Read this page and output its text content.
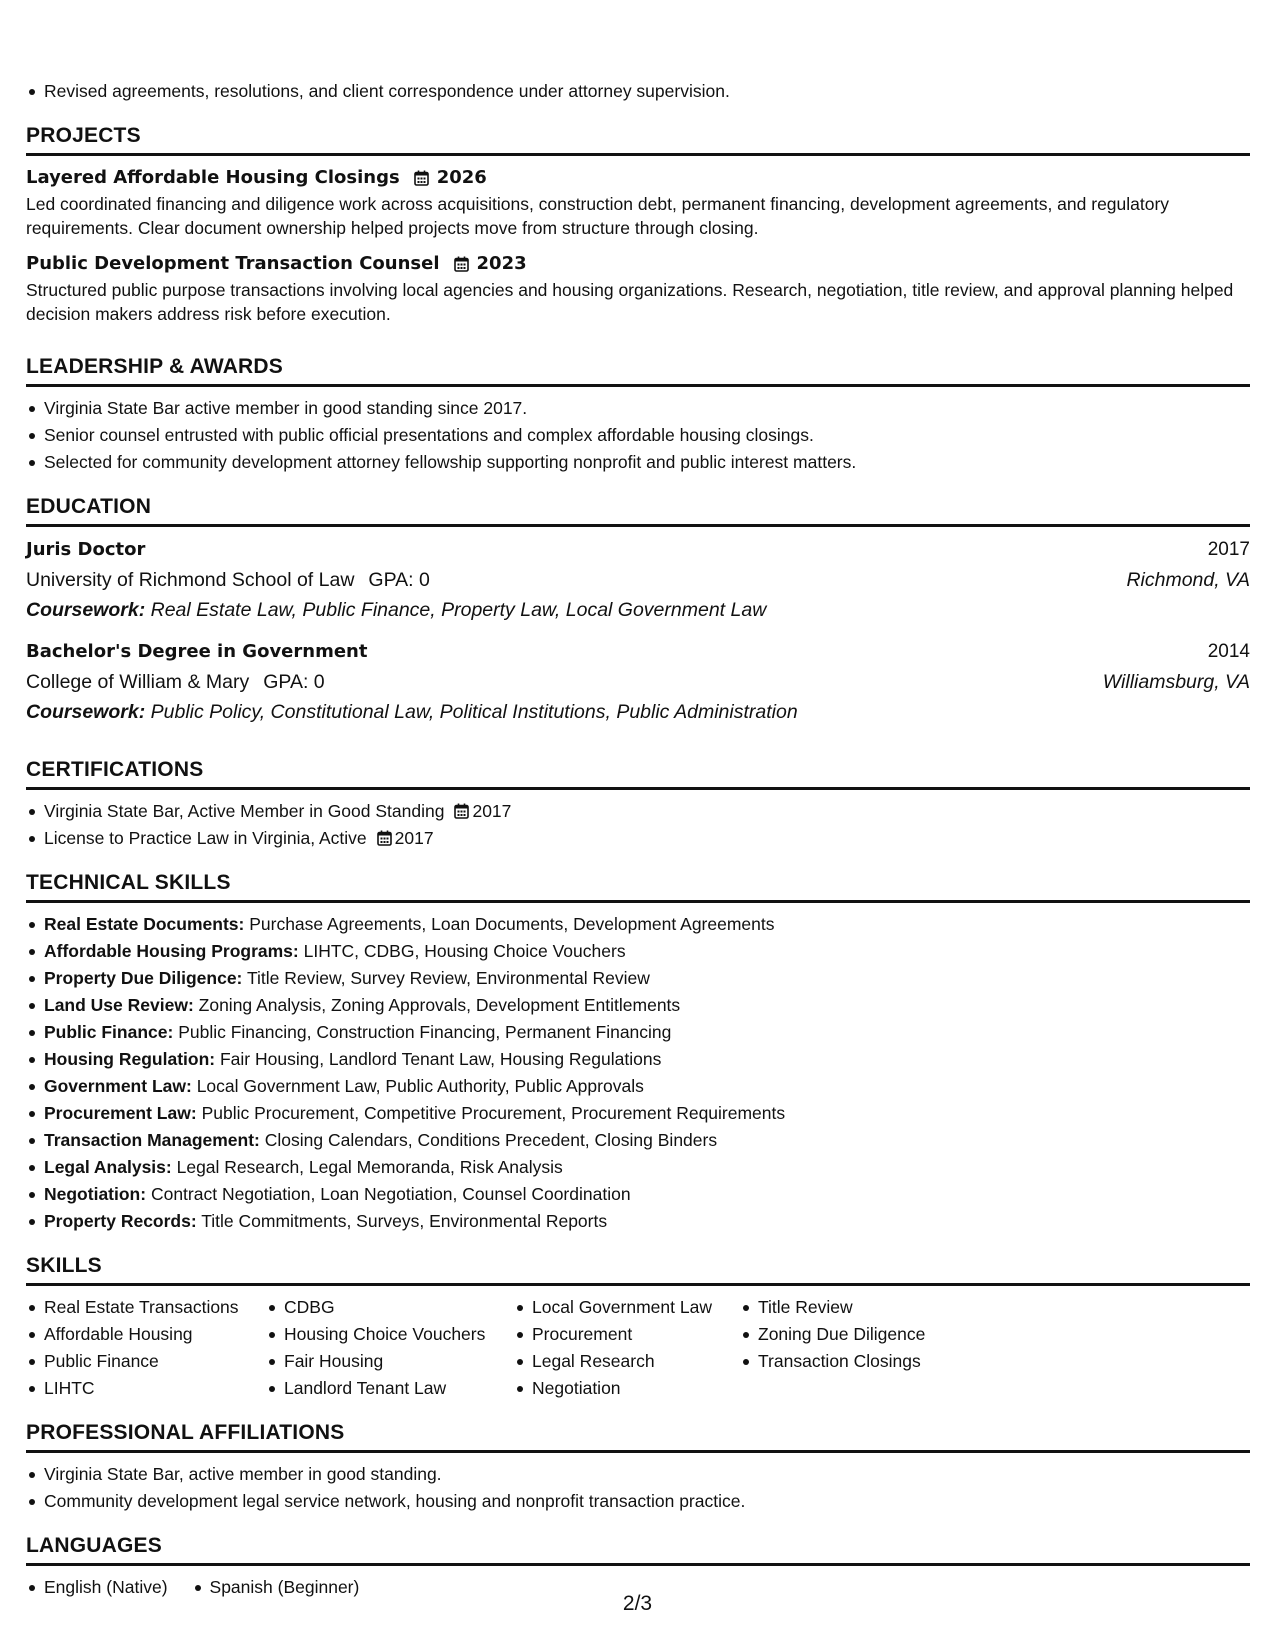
Revised agreements, resolutions, and client correspondence under attorney supervision.
PROJECTS
Layered Affordable Housing Closings 2026
Led coordinated financing and diligence work across acquisitions, construction debt, permanent financing, development agreements, and regulatory requirements. Clear document ownership helped projects move from structure through closing.
Public Development Transaction Counsel 2023
Structured public purpose transactions involving local agencies and housing organizations. Research, negotiation, title review, and approval planning helped decision makers address risk before execution.
LEADERSHIP & AWARDS
Virginia State Bar active member in good standing since 2017.
Senior counsel entrusted with public official presentations and complex affordable housing closings.
Selected for community development attorney fellowship supporting nonprofit and public interest matters.
EDUCATION
Juris Doctor	2017
University of Richmond School of Law GPA: 0	Richmond, VA
Coursework: Real Estate Law, Public Finance, Property Law, Local Government Law
Bachelor's Degree in Government	2014
College of William & Mary GPA: 0	Williamsburg, VA
Coursework: Public Policy, Constitutional Law, Political Institutions, Public Administration
CERTIFICATIONS
Virginia State Bar, Active Member in Good Standing 2017
License to Practice Law in Virginia, Active 2017
TECHNICAL SKILLS
Real Estate Documents: Purchase Agreements, Loan Documents, Development Agreements
Affordable Housing Programs: LIHTC, CDBG, Housing Choice Vouchers
Property Due Diligence: Title Review, Survey Review, Environmental Review
Land Use Review: Zoning Analysis, Zoning Approvals, Development Entitlements
Public Finance: Public Financing, Construction Financing, Permanent Financing
Housing Regulation: Fair Housing, Landlord Tenant Law, Housing Regulations
Government Law: Local Government Law, Public Authority, Public Approvals
Procurement Law: Public Procurement, Competitive Procurement, Procurement Requirements
Transaction Management: Closing Calendars, Conditions Precedent, Closing Binders
Legal Analysis: Legal Research, Legal Memoranda, Risk Analysis
Negotiation: Contract Negotiation, Loan Negotiation, Counsel Coordination
Property Records: Title Commitments, Surveys, Environmental Reports
SKILLS
Real Estate Transactions
Affordable Housing
Public Finance
LIHTC
CDBG
Housing Choice Vouchers
Fair Housing
Landlord Tenant Law
Local Government Law
Procurement
Legal Research
Negotiation
Title Review
Zoning Due Diligence
Transaction Closings
PROFESSIONAL AFFILIATIONS
Virginia State Bar, active member in good standing.
Community development legal service network, housing and nonprofit transaction practice.
LANGUAGES
English (Native)	Spanish (Beginner)
2/3
